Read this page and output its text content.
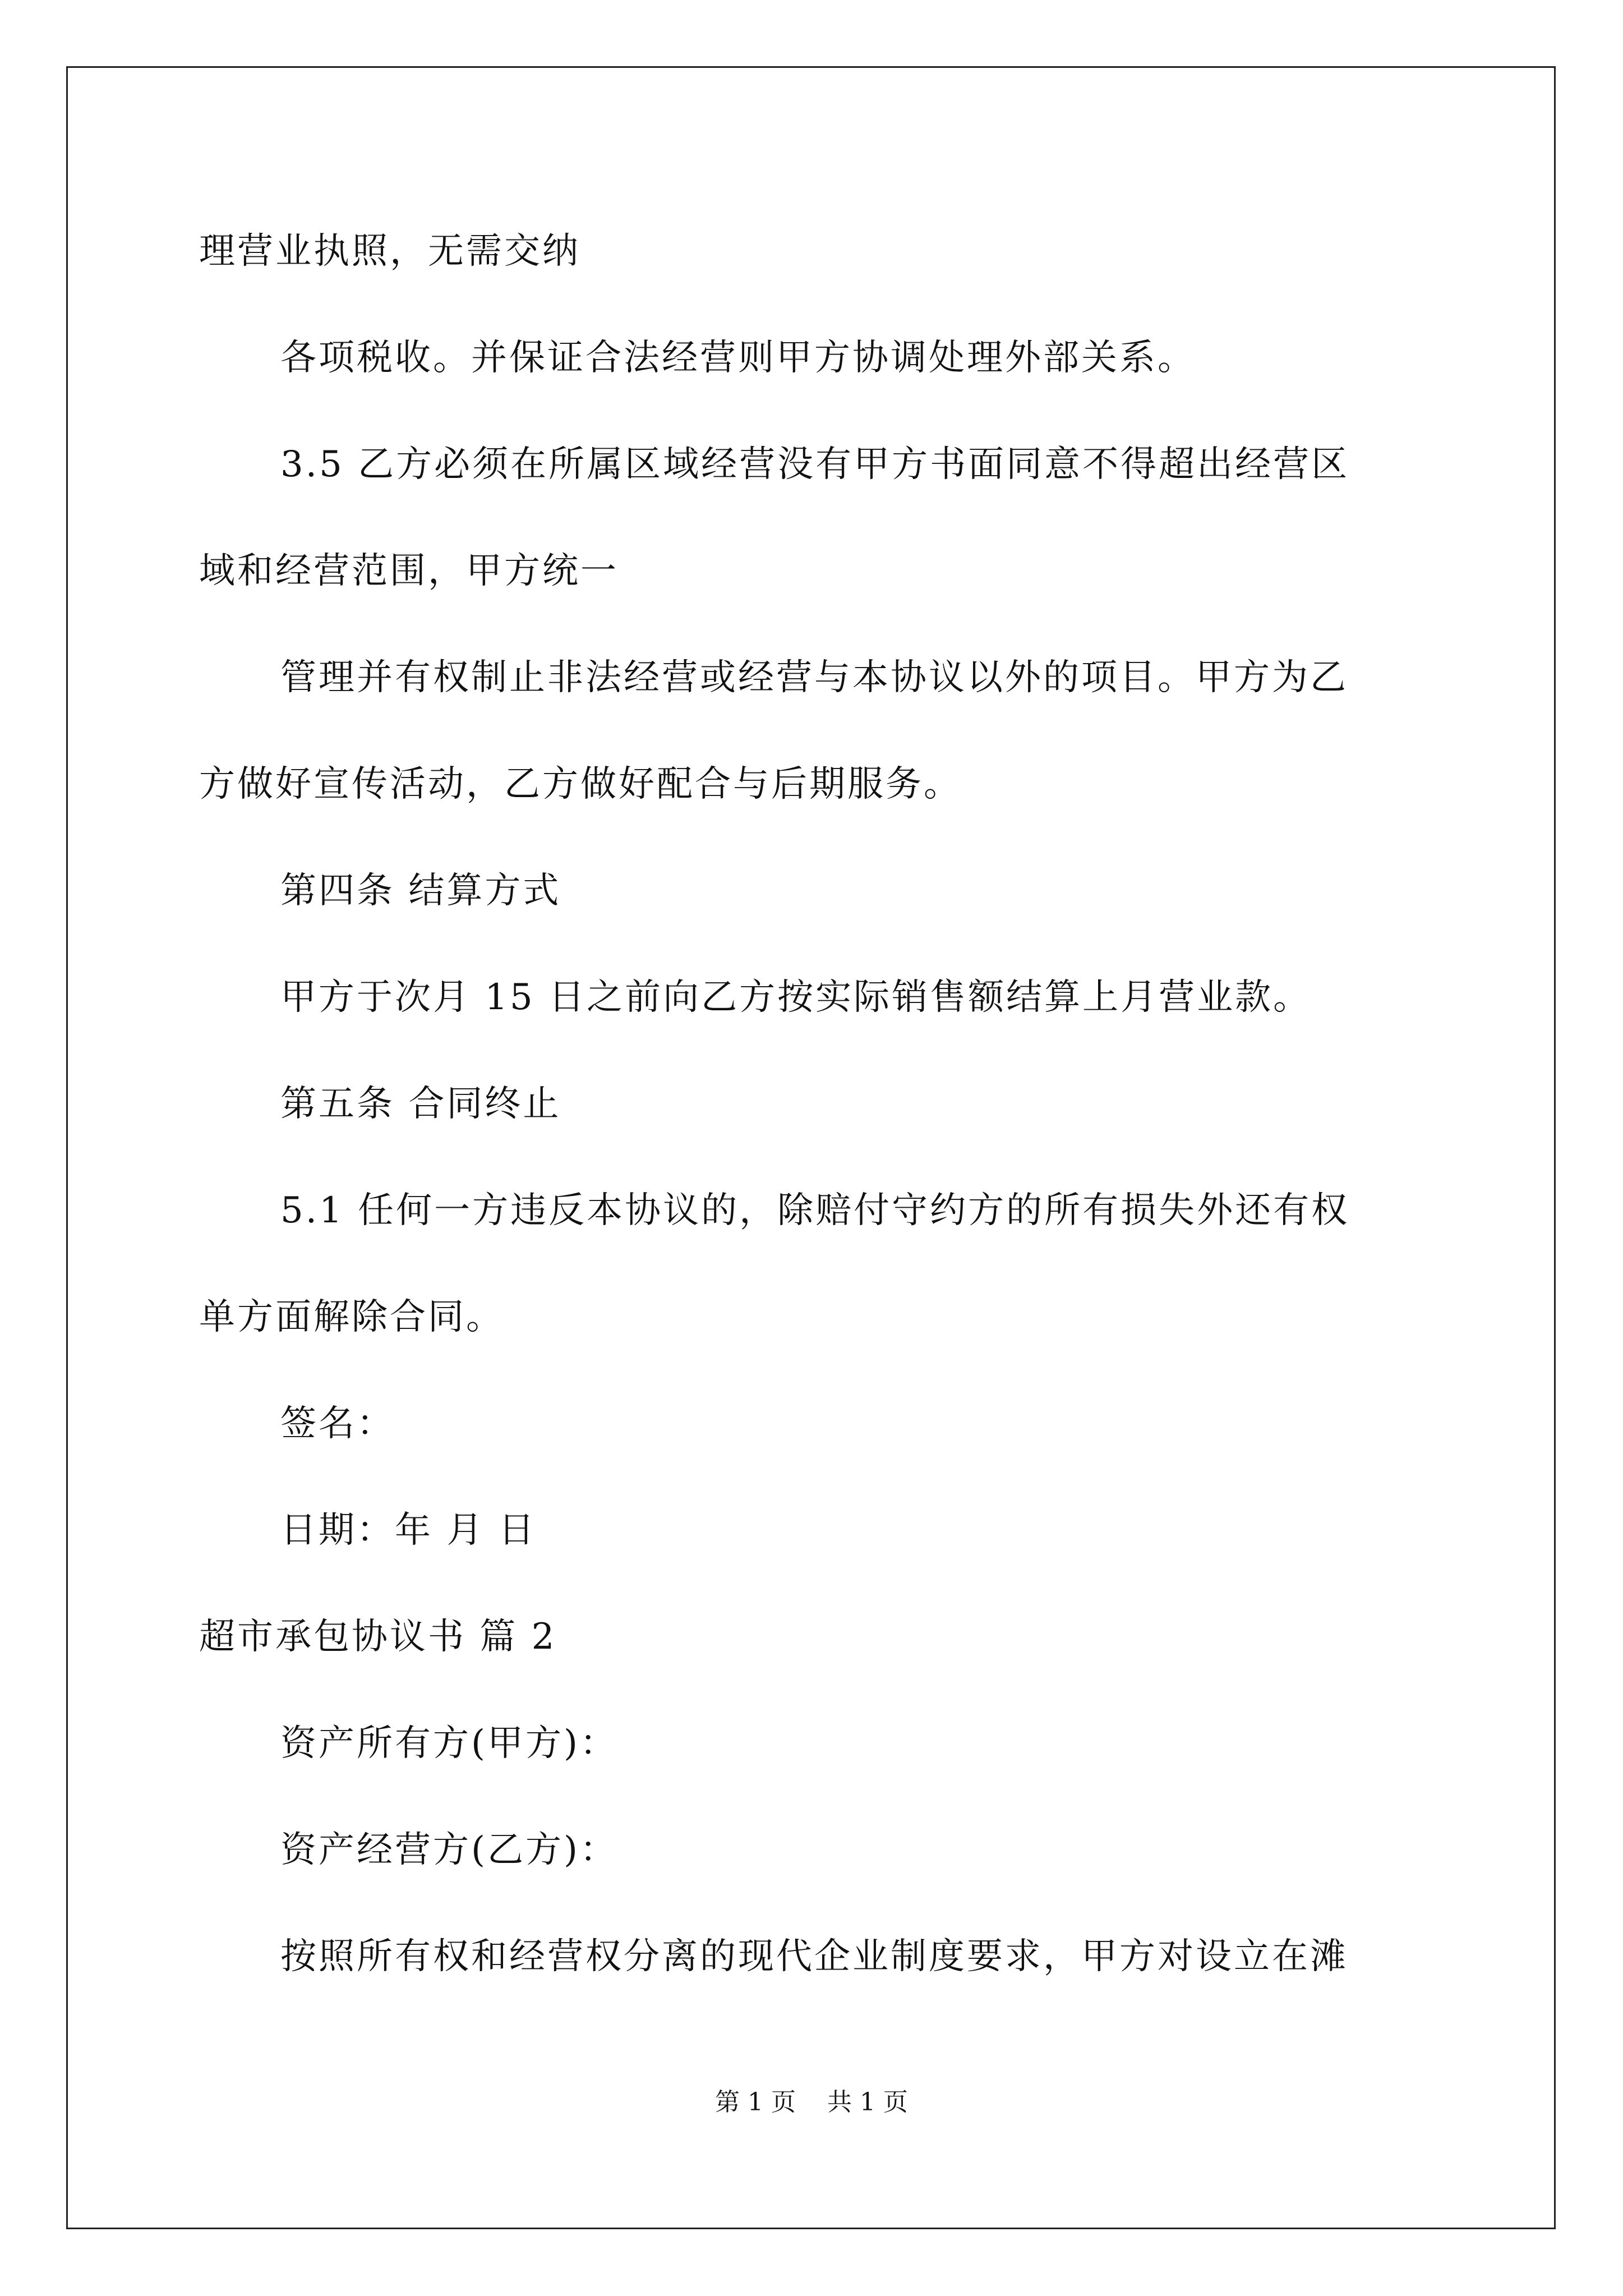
理营业执照，无需交纳
各项税收。并保证合法经营则甲方协调处理外部关系。
3.5 乙方必须在所属区域经营没有甲方书面同意不得超出经营区
域和经营范围，甲方统一
管理并有权制止非法经营或经营与本协议以外的项目。甲方为乙
方做好宣传活动，乙方做好配合与后期服务。
第四条 结算方式
甲方于次月 15 日之前向乙方按实际销售额结算上月营业款。
第五条 合同终止
5.1 任何一方违反本协议的，除赔付守约方的所有损失外还有权
单方面解除合同。
签名：
日期：年 月 日
超市承包协议书 篇 2
资产所有方(甲方)：
资产经营方(乙方)：
按照所有权和经营权分离的现代企业制度要求，甲方对设立在滩
第 1 页    共 1 页
